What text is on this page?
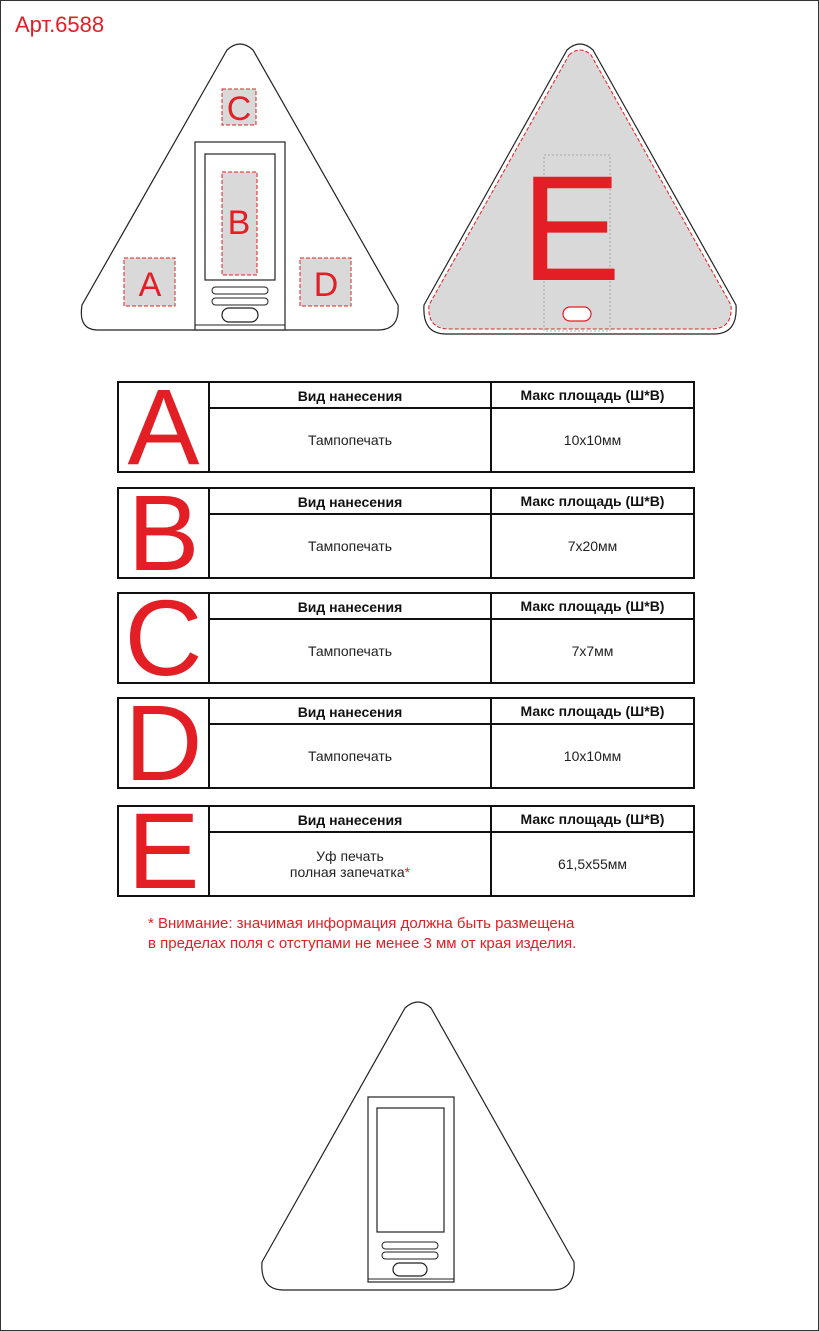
Арт.6588
C
B
A	D E
A	Вид нанесения	Макс площадь (Ш*В)
Тампопечать	10х10мм
B	Вид нанесения	Макс площадь (Ш*В)
Тампопечать	7х20мм
C	Вид нанесения	Макс площадь (Ш*В)
Тампопечать	7х7мм
D	Вид нанесения	Макс площадь (Ш*В)
Тампопечать	10х10мм
E	Вид нанесения	Макс площадь (Ш*В)
Уф печать
полная запечатка*	61,5х55мм
* Внимание: значимая информация должна быть размещена
в пределах поля с отступами не менее 3 мм от края изделия.
